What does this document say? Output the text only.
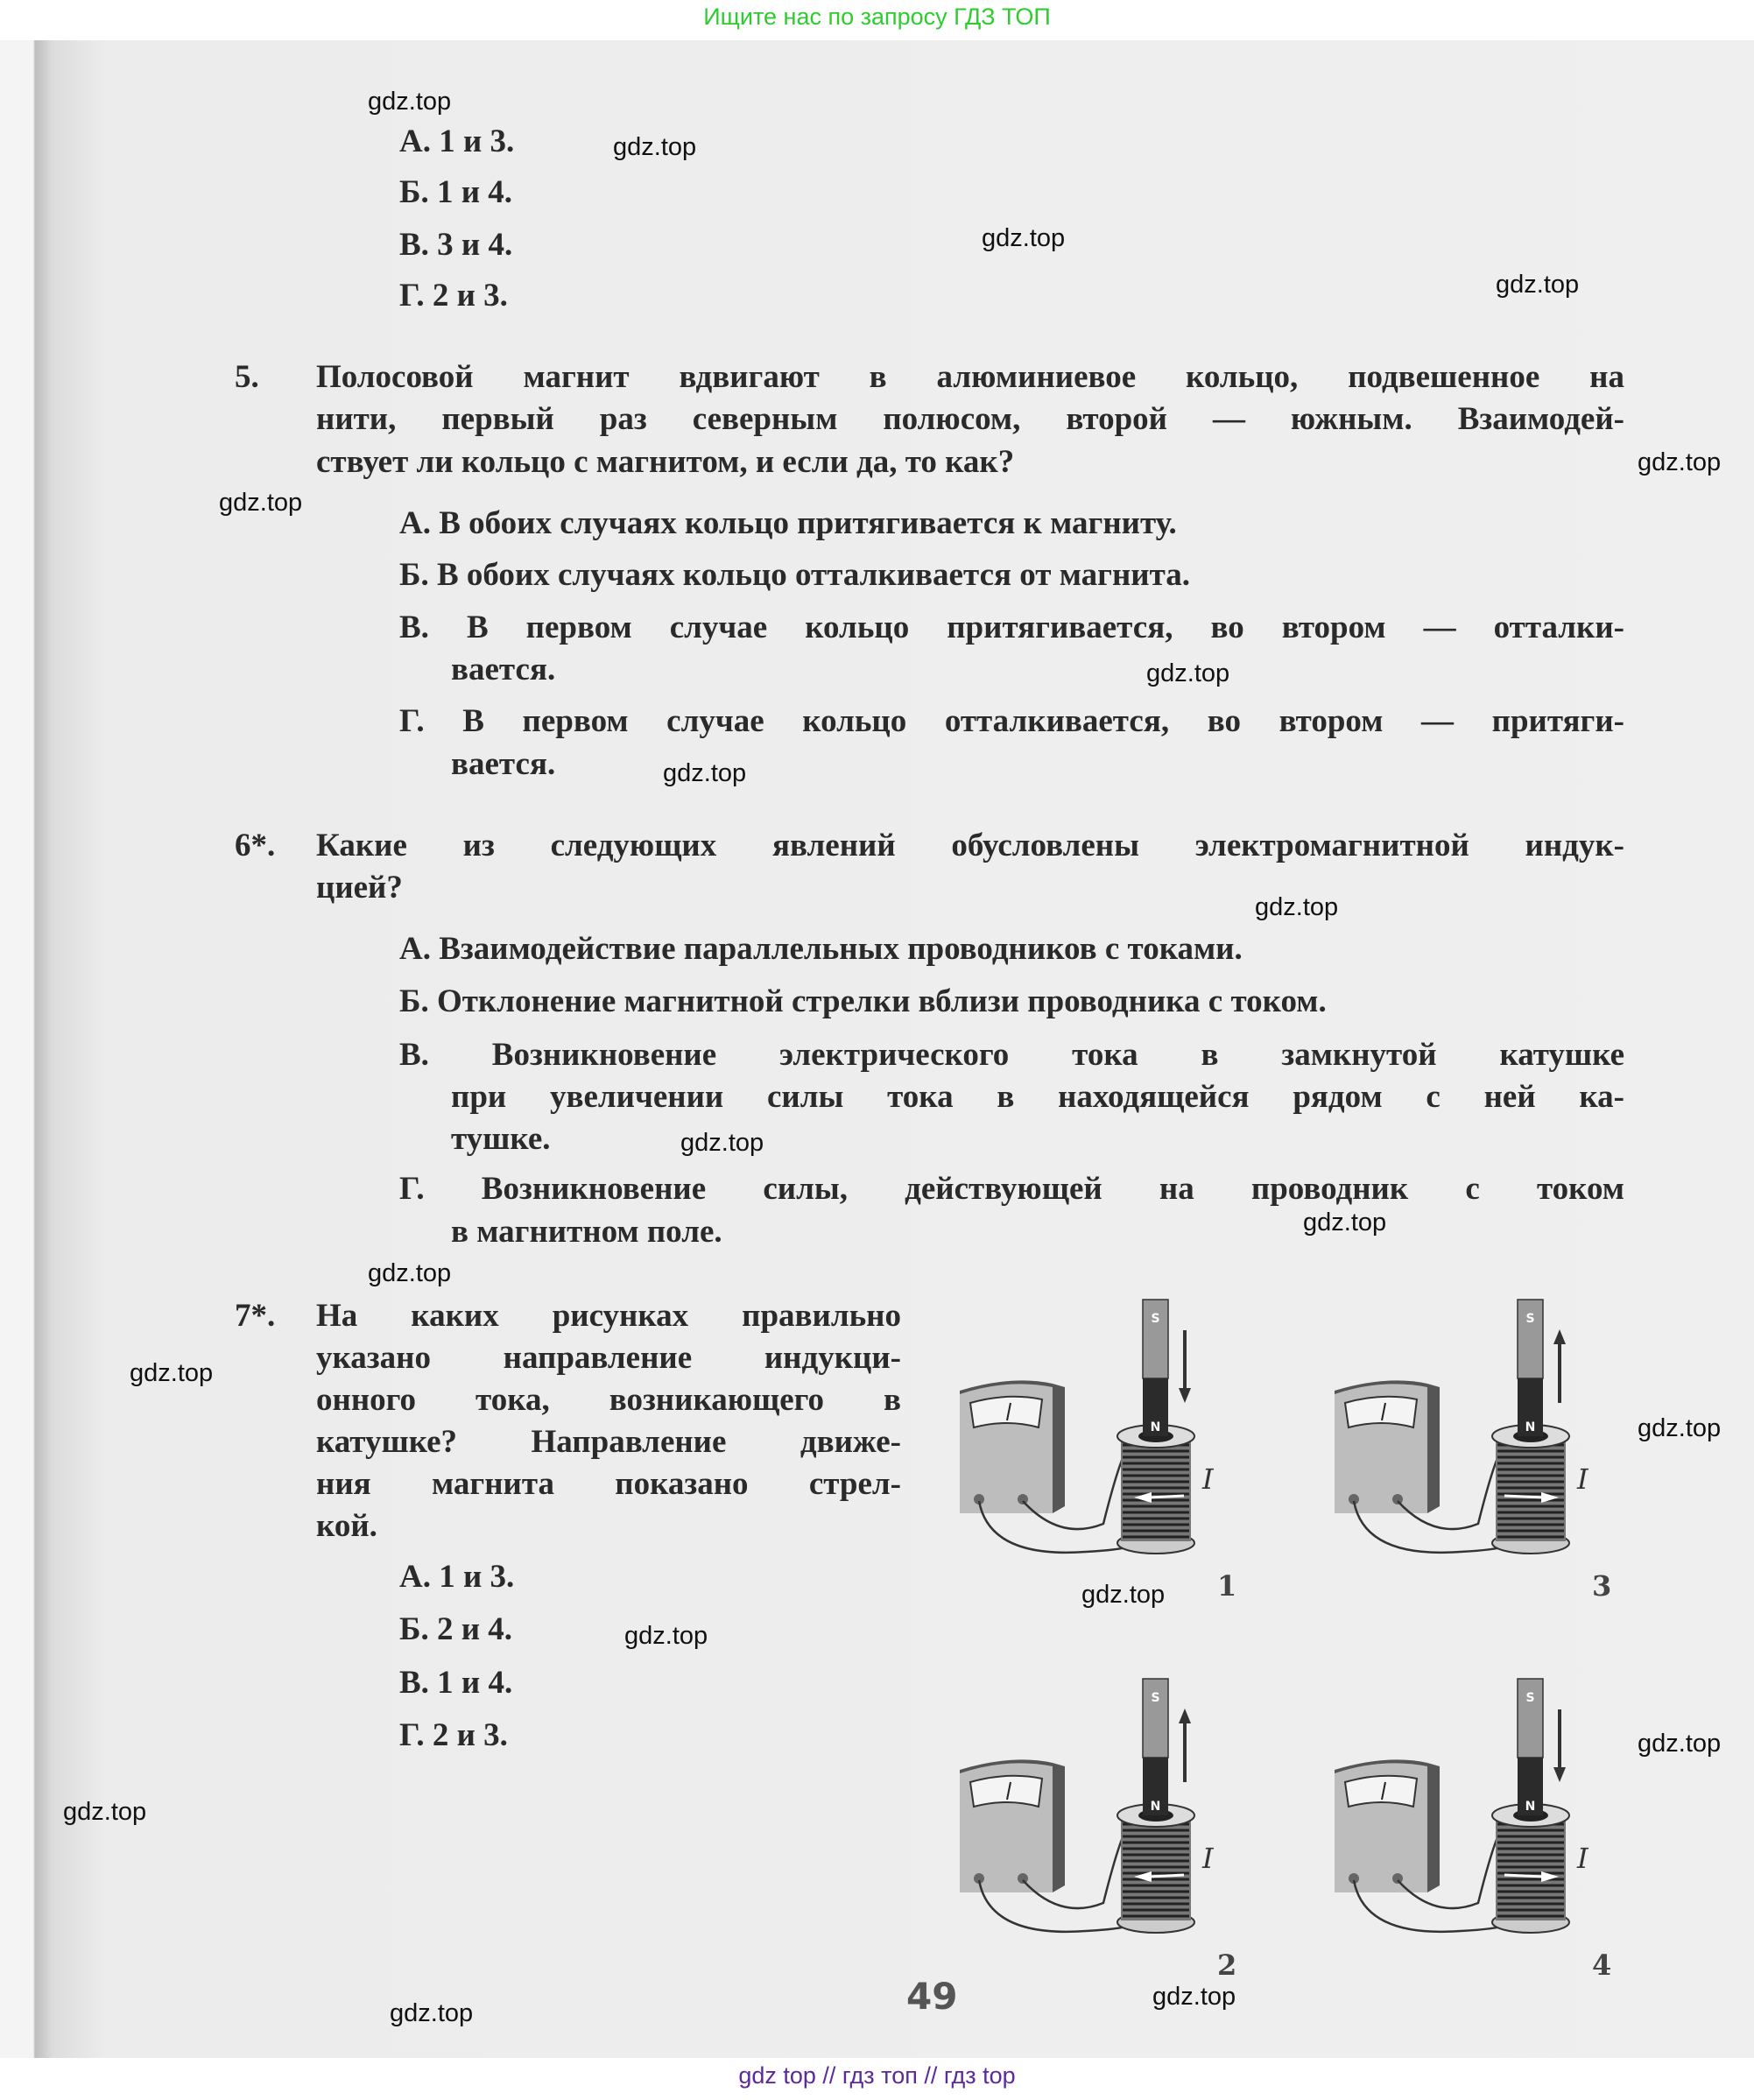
Ищите нас по запросу ГДЗ ТОП
А. 1 и 3.
Б. 1 и 4.
В. 3 и 4.
Г. 2 и 3.
5. Полосовой магнит вдвигают в алюминиевое кольцо, подвешенное на
нити, первый раз северным полюсом, второй — южным. Взаимодей-
ствует ли кольцо с магнитом, и если да, то как?
А. В обоих случаях кольцо притягивается к магниту.
Б. В обоих случаях кольцо отталкивается от магнита.
В. В первом случае кольцо притягивается, во втором — отталки-
вается.
Г. В первом случае кольцо отталкивается, во втором — притяги-
вается.
6*. Какие из следующих явлений обусловлены электромагнитной индук-
цией?
А. Взаимодействие параллельных проводников с токами.
Б. Отклонение магнитной стрелки вблизи проводника с током.
В. Возникновение электрического тока в замкнутой катушке
при увеличении силы тока в находящейся рядом с ней ка-
тушке.
Г. Возникновение силы, действующей на проводник с током
в магнитном поле.
7*. На каких рисунках правильно
указано направление индукци-
онного тока, возникающего в
катушке? Направление движе-
ния магнита показано стрел-
кой.
А. 1 и 3.
Б. 2 и 4.
В. 1 и 4.
Г. 2 и 3.
S
N
I
1
S
N
I
3
S
N
I
2
S
N
I
4
49
gdz.top
gdz.top
gdz.top
gdz.top
gdz.top
gdz.top
gdz.top
gdz.top
gdz.top
gdz.top
gdz.top
gdz.top
gdz.top
gdz.top
gdz.top
gdz.top
gdz.top
gdz.top
gdz.top
gdz.top
gdz top // гдз топ // гдз top
